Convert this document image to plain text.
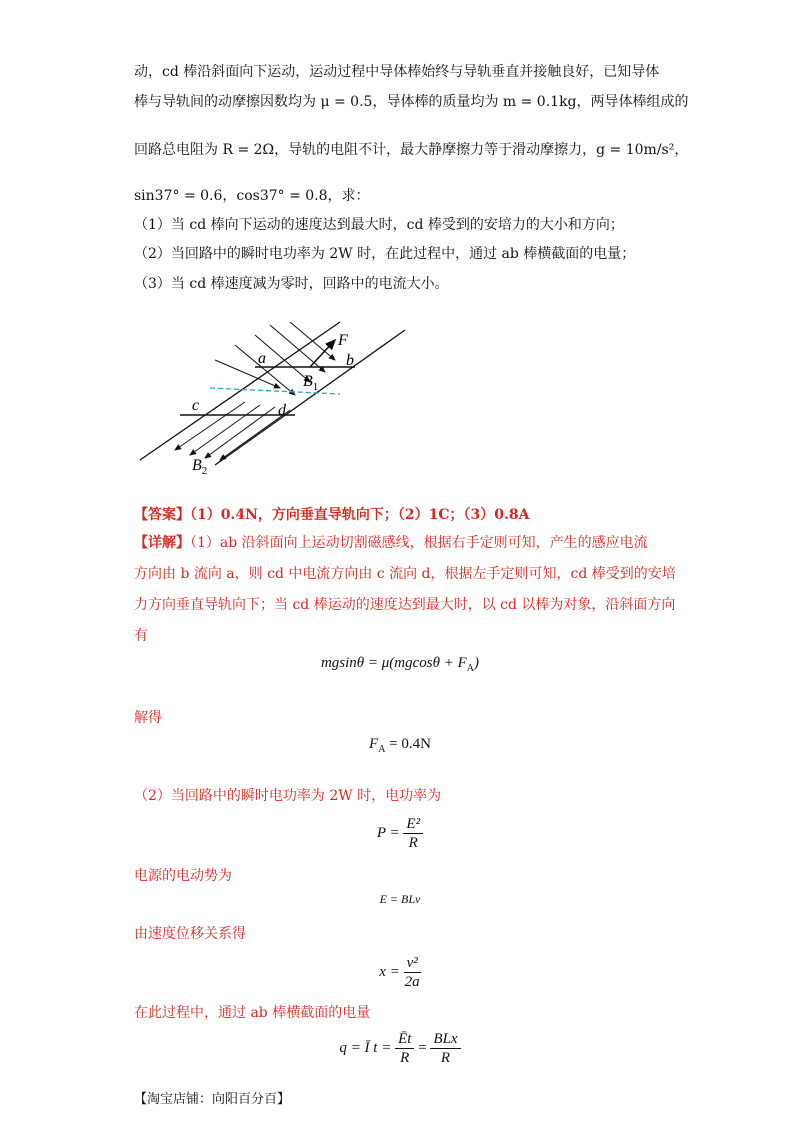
动，cd 棒沿斜面向下运动，运动过程中导体棒始终与导轨垂直并接触良好，已知导体
棒与导轨间的动摩擦因数均为 μ = 0.5，导体棒的质量均为 m = 0.1kg，两导体棒组成的
回路总电阻为 R = 2Ω，导轨的电阻不计，最大静摩擦力等于滑动摩擦力，g = 10m/s²，
sin37° = 0.6，cos37° = 0.8，求：
（1）当 cd 棒向下运动的速度达到最大时，cd 棒受到的安培力的大小和方向；
（2）当回路中的瞬时电功率为 2W 时，在此过程中，通过 ab 棒横截面的电量；
（3）当 cd 棒速度减为零时，回路中的电流大小。
a	b
F
$B_1$
c	d
$B_2$
【答案】（1）0.4N，方向垂直导轨向下；（2）1C；（3）0.8A
【详解】（1）ab 沿斜面向上运动切割磁感线，根据右手定则可知，产生的感应电流
方向由 b 流向 a，则 cd 中电流方向由 c 流向 d，根据左手定则可知，cd 棒受到的安培
力方向垂直导轨向下；当 cd 棒运动的速度达到最大时，以 cd 以棒为对象，沿斜面方向
有
$mgsin\theta = \mu(mgcos\theta + F_A)$
解得
$F_A = 0.4N$
（2）当回路中的瞬时电功率为 2W 时，电功率为
$P = \frac{\text{E²}}{R}$
电源的电动势为
E = BLv
由速度位移关系得
$x = \frac{\text{v²}}{2a}$
在此过程中，通过 ab 棒横截面的电量
q = Ī $t = \frac{Ēt}{R} = \frac{\text{BLx}}{R}$
【淘宝店铺：向阳百分百】
